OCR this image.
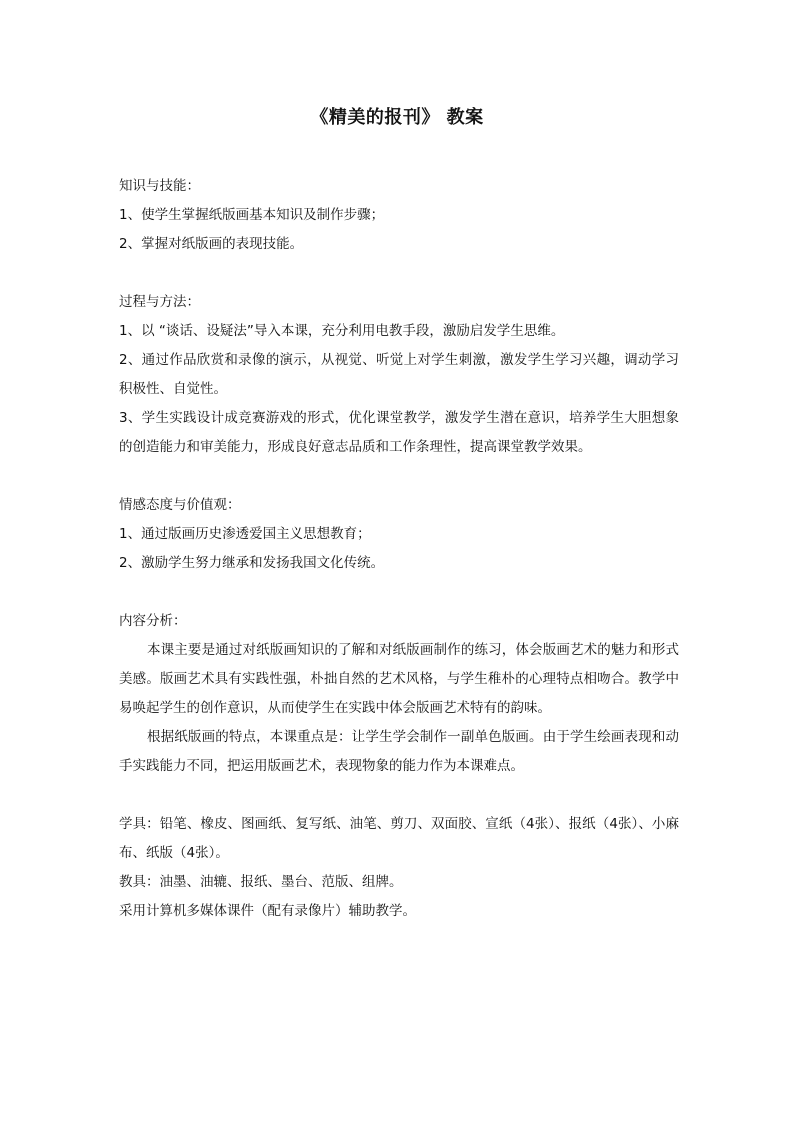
《精美的报刊》 教案

知识与技能：

1、使学生掌握纸版画基本知识及制作步骤；

2、掌握对纸版画的表现技能。

过程与方法：

1、以 “谈话、设疑法”导入本课，充分利用电教手段，激励启发学生思维。

2、通过作品欣赏和录像的演示，从视觉、听觉上对学生刺激，激发学生学习兴趣，调动学习积极性、自觉性。

3、学生实践设计成竞赛游戏的形式，优化课堂教学，激发学生潜在意识，培养学生大胆想象的创造能力和审美能力，形成良好意志品质和工作条理性，提高课堂教学效果。

情感态度与价值观：

1、通过版画历史渗透爱国主义思想教育；

2、激励学生努力继承和发扬我国文化传统。

内容分析：

本课主要是通过对纸版画知识的了解和对纸版画制作的练习，体会版画艺术的魅力和形式美感。版画艺术具有实践性强，朴拙自然的艺术风格，与学生稚朴的心理特点相吻合。教学中易唤起学生的创作意识，从而使学生在实践中体会版画艺术特有的韵味。

根据纸版画的特点，本课重点是：让学生学会制作一副单色版画。由于学生绘画表现和动手实践能力不同，把运用版画艺术，表现物象的能力作为本课难点。

学具：铅笔、橡皮、图画纸、复写纸、油笔、剪刀、双面胶、宣纸（4张）、报纸（4张）、小麻布、纸版（4张）。

教具：油墨、油辘、报纸、墨台、范版、组牌。

采用计算机多媒体课件（配有录像片）辅助教学。
